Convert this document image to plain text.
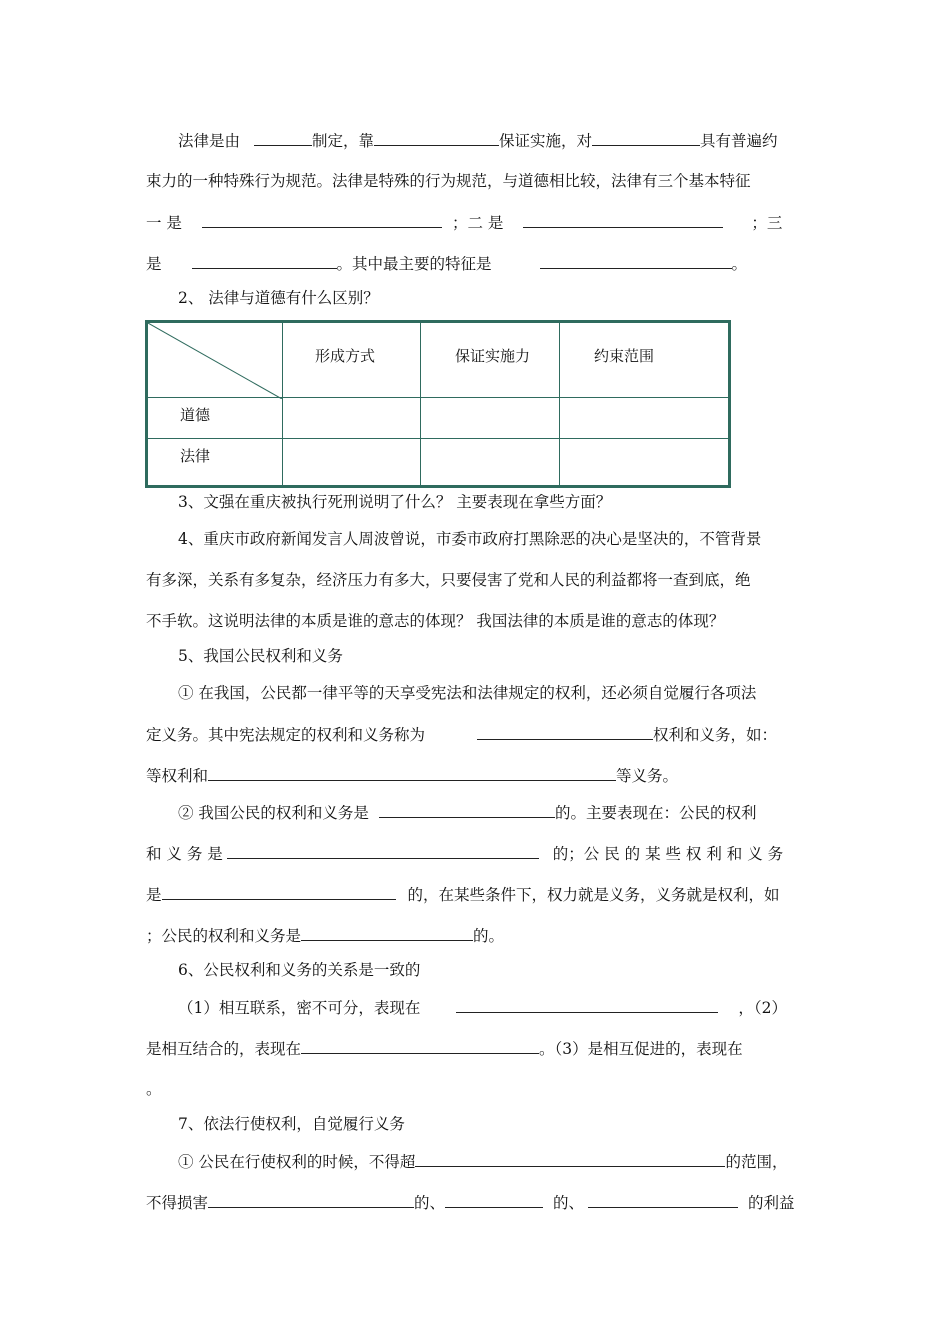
法律是由	制定，靠	保证实施，对	具有普遍约
束力的一种特殊行为规范。法律是特殊的行为规范，与道德相比较，法律有三个基本特征
一 是	；二 是	；三
是	。其中最主要的特征是	。
2、 法律与道德有什么区别？

形成方式	保证实施力	约束范围

道德			

法律			

3、文强在重庆被执行死刑说明了什么？ 主要表现在拿些方面？
4、重庆市政府新闻发言人周波曾说，市委市政府打黑除恶的决心是坚决的，不管背景
有多深，关系有多复杂，经济压力有多大，只要侵害了党和人民的利益都将一查到底，绝
不手软。这说明法律的本质是谁的意志的体现？ 我国法律的本质是谁的意志的体现？
5、我国公民权利和义务
① 在我国，公民都一律平等的天享受宪法和法律规定的权利，还必须自觉履行各项法
定义务。其中宪法规定的权利和义务称为	权利和义务，如：
等权利和	等义务。
② 我国公民的权利和义务是	的。主要表现在：公民的权利
和 义 务 是	的；公 民 的 某 些 权 利 和 义 务
是	的，在某些条件下，权力就是义务，义务就是权利，如
；公民的权利和义务是	的。
6、公民权利和义务的关系是一致的
（1）相互联系，密不可分，表现在	，（2）
是相互结合的，表现在	。（3）是相互促进的，表现在
。
7、依法行使权利，自觉履行义务
① 公民在行使权利的时候，不得超	的范围，
不得损害	的、	的、	的利益
